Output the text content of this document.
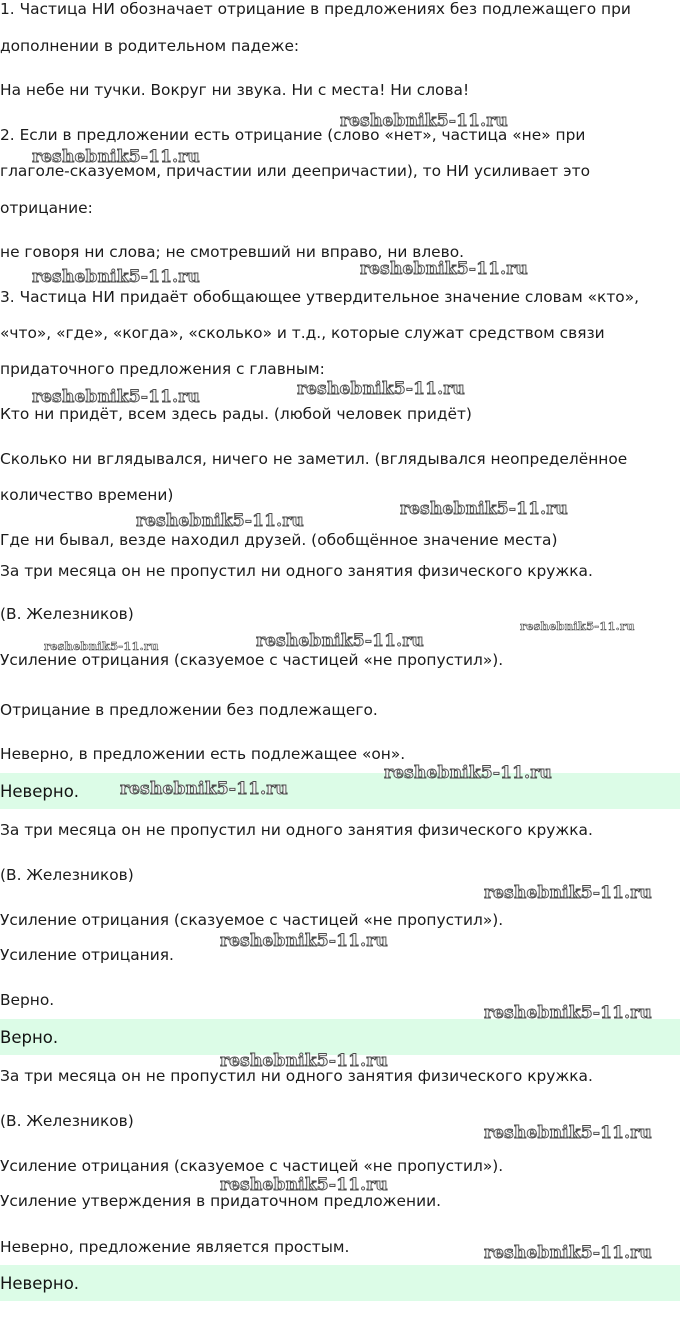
1. Частица НИ обозначает отрицание в предложениях без подлежащего при
дополнении в родительном падеже:
На небе ни тучки. Вокруг ни звука. Ни с места! Ни слова!
2. Если в предложении есть отрицание (слово «нет», частица «не» при
глаголе-сказуемом, причастии или деепричастии), то НИ усиливает это
отрицание:
не говоря ни слова; не смотревший ни вправо, ни влево.
3. Частица НИ придаёт обобщающее утвердительное значение словам «кто»,
«что», «где», «когда», «сколько» и т.д., которые служат средством связи
придаточного предложения с главным:
Кто ни придёт, всем здесь рады. (любой человек придёт)
Сколько ни вглядывался, ничего не заметил. (вглядывался неопределённое
количество времени)
Где ни бывал, везде находил друзей. (обобщённое значение места)
За три месяца он не пропустил ни одного занятия физического кружка.
(В. Железников)
Усиление отрицания (сказуемое с частицей «не пропустил»).
Отрицание в предложении без подлежащего.
Неверно, в предложении есть подлежащее «он».
Неверно.
За три месяца он не пропустил ни одного занятия физического кружка.
(В. Железников)
Усиление отрицания (сказуемое с частицей «не пропустил»).
Усиление отрицания.
Верно.
Верно.
За три месяца он не пропустил ни одного занятия физического кружка.
(В. Железников)
Усиление отрицания (сказуемое с частицей «не пропустил»).
Усиление утверждения в придаточном предложении.
Неверно, предложение является простым.
Неверно.
reshebnik5-11.ru
reshebnik5-11.ru
reshebnik5-11.ru	reshebnik5-11.ru
reshebnik5-11.ru	reshebnik5-11.ru
reshebnik5-11.ru
reshebnik5-11.ru
reshebnik5-11.ru
reshebnik5-11.ru	reshebnik5-11.ru
reshebnik5-11.ru
reshebnik5-11.ru
reshebnik5-11.ru
reshebnik5-11.ru
reshebnik5-11.ru
reshebnik5-11.ru
reshebnik5-11.ru
reshebnik5-11.ru
reshebnik5-11.ru
